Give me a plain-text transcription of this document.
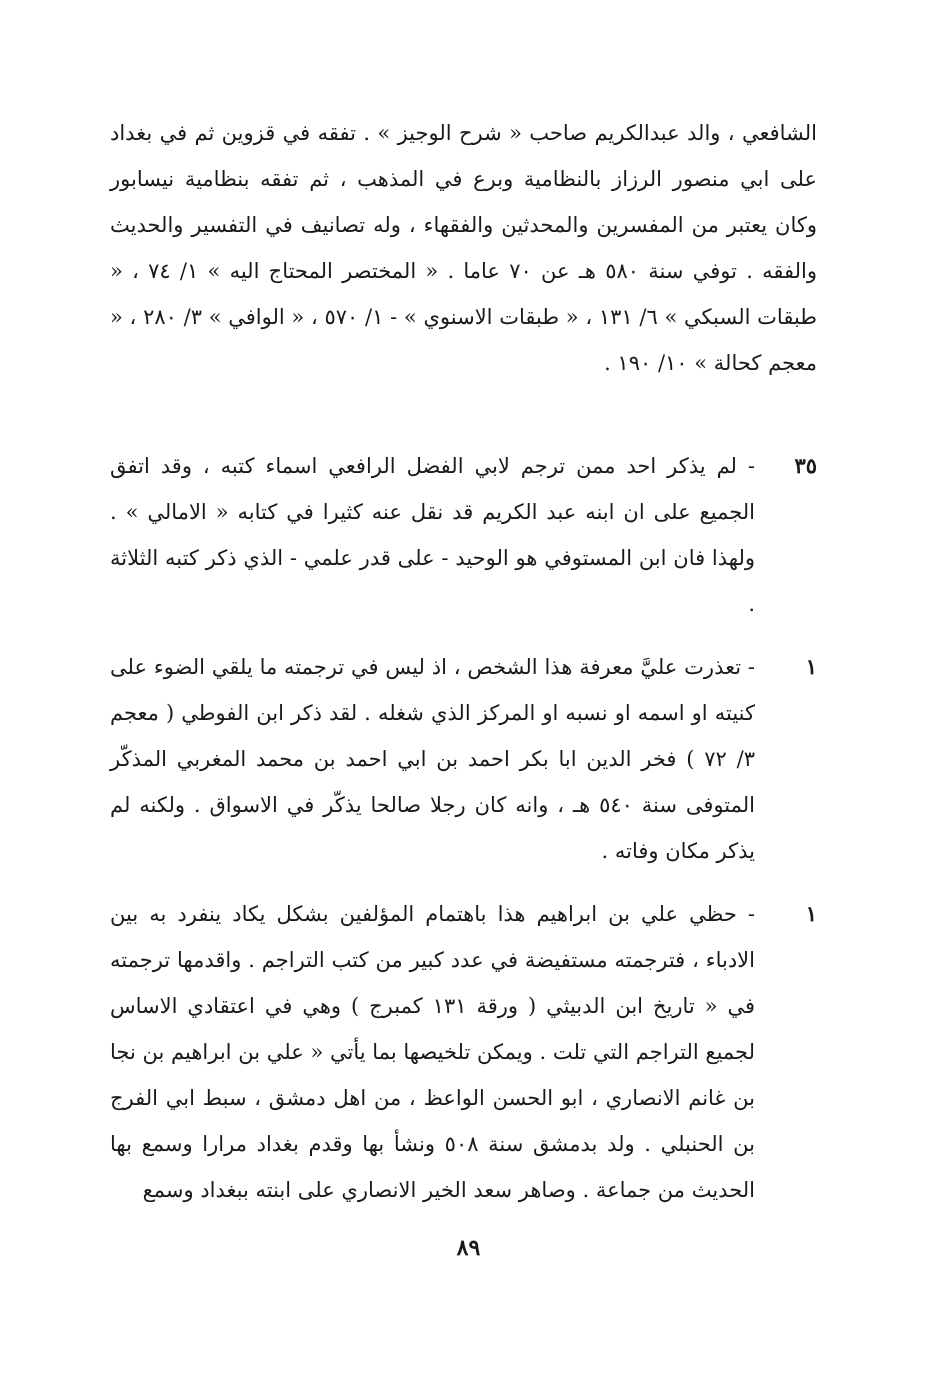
الشافعي ، والد عبدالكريم صاحب « شرح الوجيز » . تفقه في قزوين ثم في بغداد على ابي منصور الرزاز بالنظامية وبرع في المذهب ، ثم تفقه بنظامية نيسابور وكان يعتبر من المفسرين والمحدثين والفقهاء ، وله تصانيف في التفسير والحديث والفقه . توفي سنة ٥٨٠ هـ عن ٧٠ عاما . « المختصر المحتاج اليه » ١/ ٧٤ ، « طبقات السبكي » ٦/ ١٣١ ، « طبقات الاسنوي » - ١/ ٥٧٠ ، « الوافي » ٣/ ٢٨٠ ، « معجم كحالة » ١٠/ ١٩٠ .
٣٥
- لم يذكر احد ممن ترجم لابي الفضل الرافعي اسماء كتبه ، وقد اتفق الجميع على ان ابنه عبد الكريم قد نقل عنه كثيرا في كتابه « الامالي » . ولهذا فان ابن المستوفي هو الوحيد - على قدر علمي - الذي ذكر كتبه الثلاثة .
١
- تعذرت عليَّ معرفة هذا الشخص ، اذ ليس في ترجمته ما يلقي الضوء على كنيته او اسمه او نسبه او المركز الذي شغله . لقد ذكر ابن الفوطي ( معجم ٣/ ٧٢ ) فخر الدين ابا بكر احمد بن ابي احمد بن محمد المغربي المذكّر المتوفى سنة ٥٤٠ هـ ، وانه كان رجلا صالحا يذكّر في الاسواق . ولكنه لم يذكر مكان وفاته .
١
- حظي علي بن ابراهيم هذا باهتمام المؤلفين بشكل يكاد ينفرد به بين الادباء ، فترجمته مستفيضة في عدد كبير من كتب التراجم . واقدمها ترجمته في « تاريخ ابن الدبيثي ( ورقة ١٣١ كمبرج ) وهي في اعتقادي الاساس لجميع التراجم التي تلت . ويمكن تلخيصها بما يأتي « علي بن ابراهيم بن نجا بن غانم الانصاري ، ابو الحسن الواعظ ، من اهل دمشق ، سبط ابي الفرج بن الحنبلي . ولد بدمشق سنة ٥٠٨ ونشأ بها وقدم بغداد مرارا وسمع بها الحديث من جماعة . وصاهر سعد الخير الانصاري على ابنته ببغداد وسمع
٨٩
